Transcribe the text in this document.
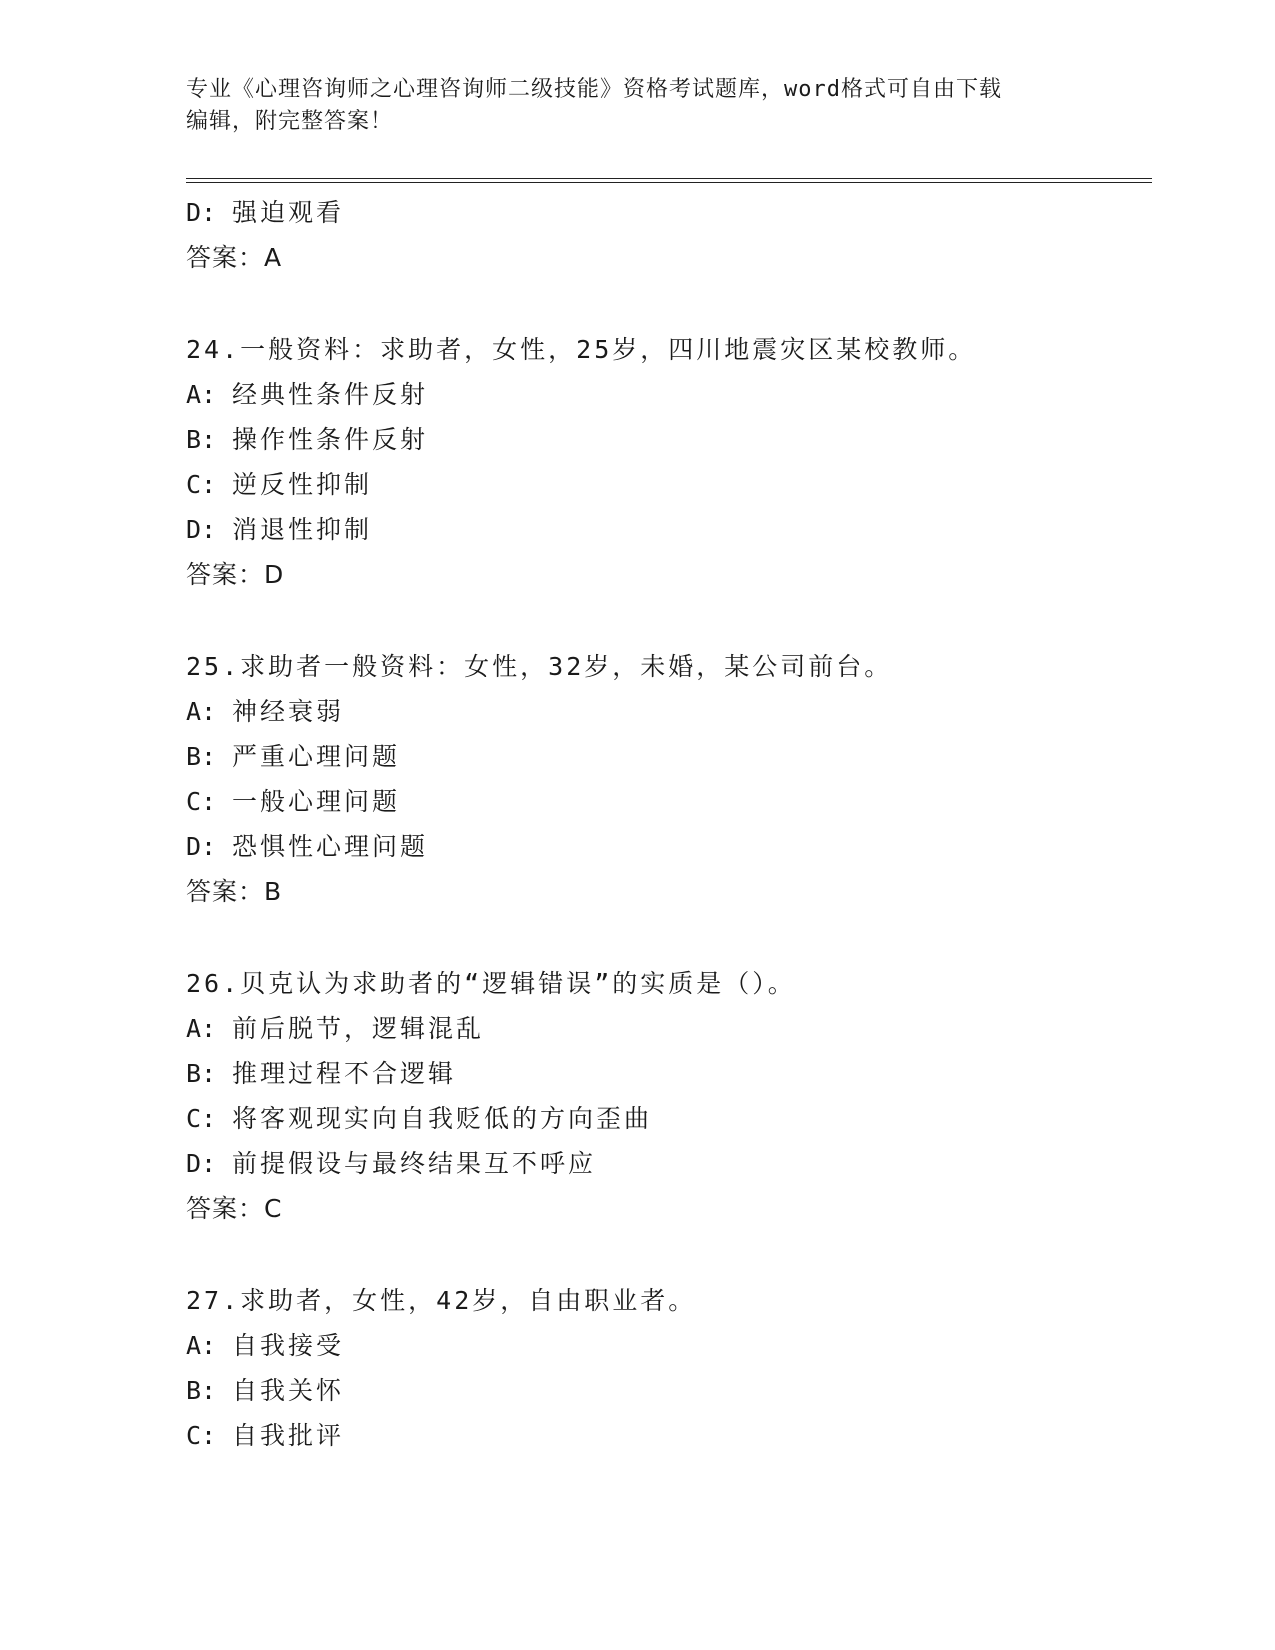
专业《心理咨询师之心理咨询师二级技能》资格考试题库，word格式可自由下载
编辑，附完整答案！
D: 强迫观看
答案：A
24.一般资料：求助者，女性，25岁，四川地震灾区某校教师。
A: 经典性条件反射
B: 操作性条件反射
C: 逆反性抑制
D: 消退性抑制
答案：D
25.求助者一般资料：女性，32岁，未婚，某公司前台。
A: 神经衰弱
B: 严重心理问题
C: 一般心理问题
D: 恐惧性心理问题
答案：B
26.贝克认为求助者的“逻辑错误”的实质是（）。
A: 前后脱节，逻辑混乱
B: 推理过程不合逻辑
C: 将客观现实向自我贬低的方向歪曲
D: 前提假设与最终结果互不呼应
答案：C
27.求助者，女性，42岁，自由职业者。
A: 自我接受
B: 自我关怀
C: 自我批评
